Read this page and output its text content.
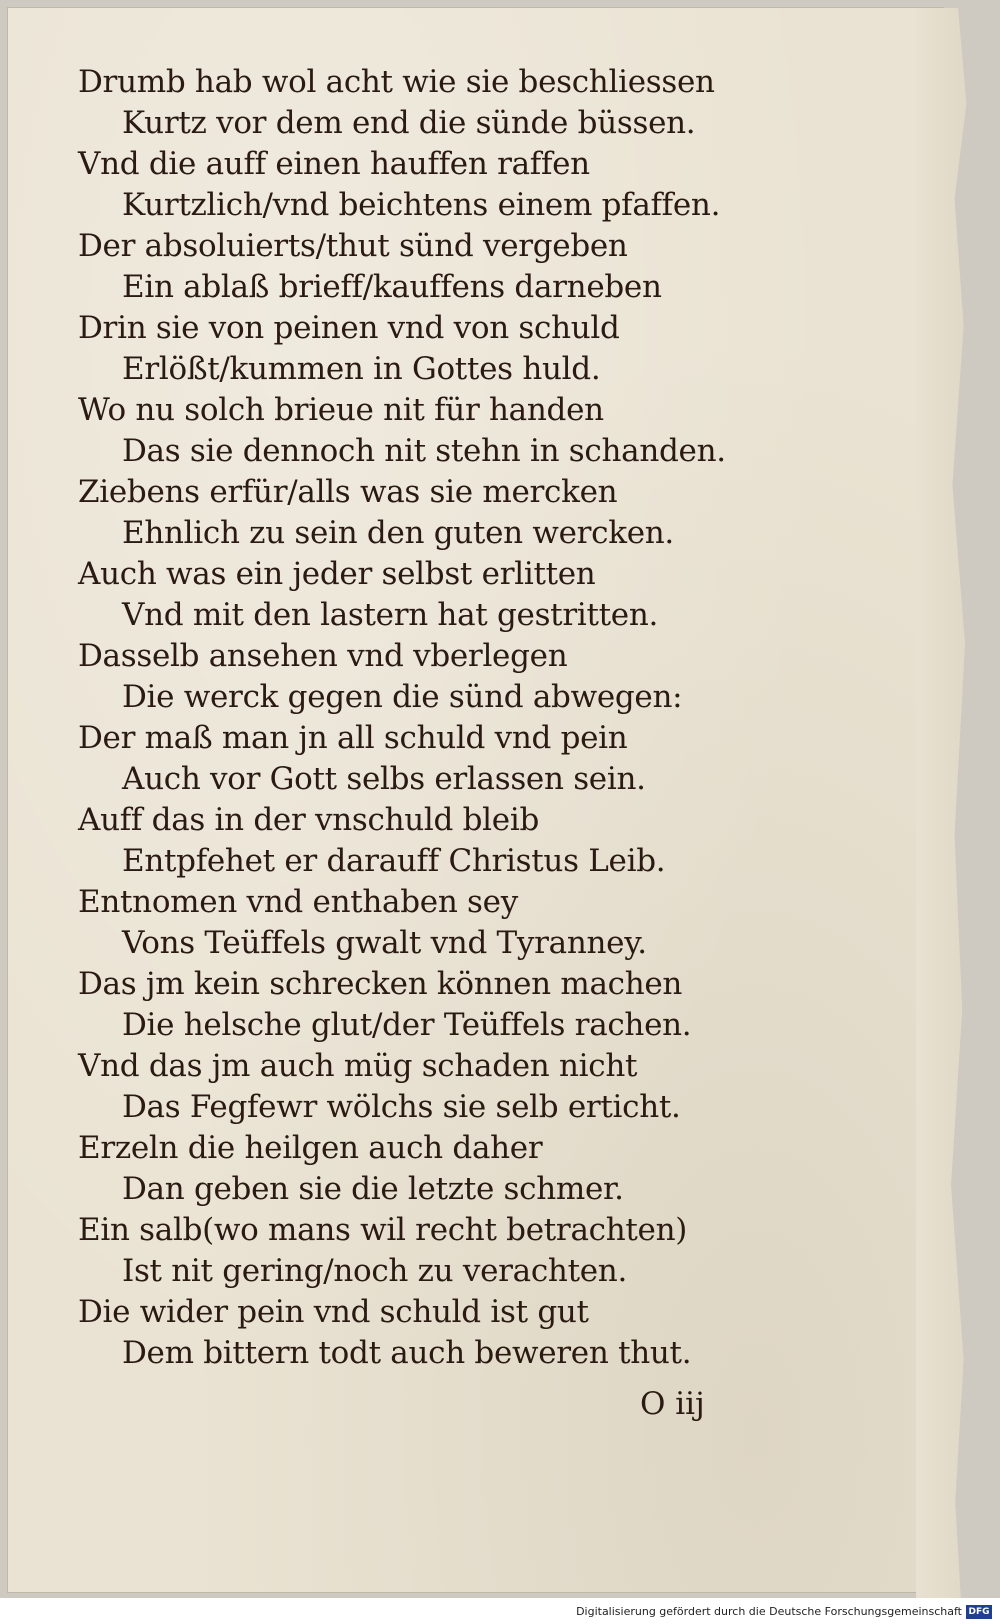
Drumb hab wol acht wie sie beschliessen
Kurtz vor dem end die sünde büssen.
Vnd die auff einen hauffen raffen
Kurtzlich/vnd beichtens einem pfaffen.
Der absoluierts/thut sünd vergeben
Ein ablaß brieff/kauffens darneben
Drin sie von peinen vnd von schuld
Erlößt/kummen in Gottes huld.
Wo nu solch brieue nit für handen
Das sie dennoch nit stehn in schanden.
Ziebens erfür/alls was sie mercken
Ehnlich zu sein den guten wercken.
Auch was ein jeder selbst erlitten
Vnd mit den lastern hat gestritten.
Dasselb ansehen vnd vberlegen
Die werck gegen die sünd abwegen:
Der maß man jn all schuld vnd pein
Auch vor Gott selbs erlassen sein.
Auff das in der vnschuld bleib
Entpfehet er darauff Christus Leib.
Entnomen vnd enthaben sey
Vons Teüffels gwalt vnd Tyranney.
Das jm kein schrecken können machen
Die helsche glut/der Teüffels rachen.
Vnd das jm auch müg schaden nicht
Das Fegfewr wölchs sie selb erticht.
Erzeln die heilgen auch daher
Dan geben sie die letzte schmer.
Ein salb(wo mans wil recht betrachten)
Ist nit gering/noch zu verachten.
Die wider pein vnd schuld ist gut
Dem bittern todt auch beweren thut.
O iij
Digitalisierung gefördert durch die Deutsche Forschungsgemeinschaft DFG
